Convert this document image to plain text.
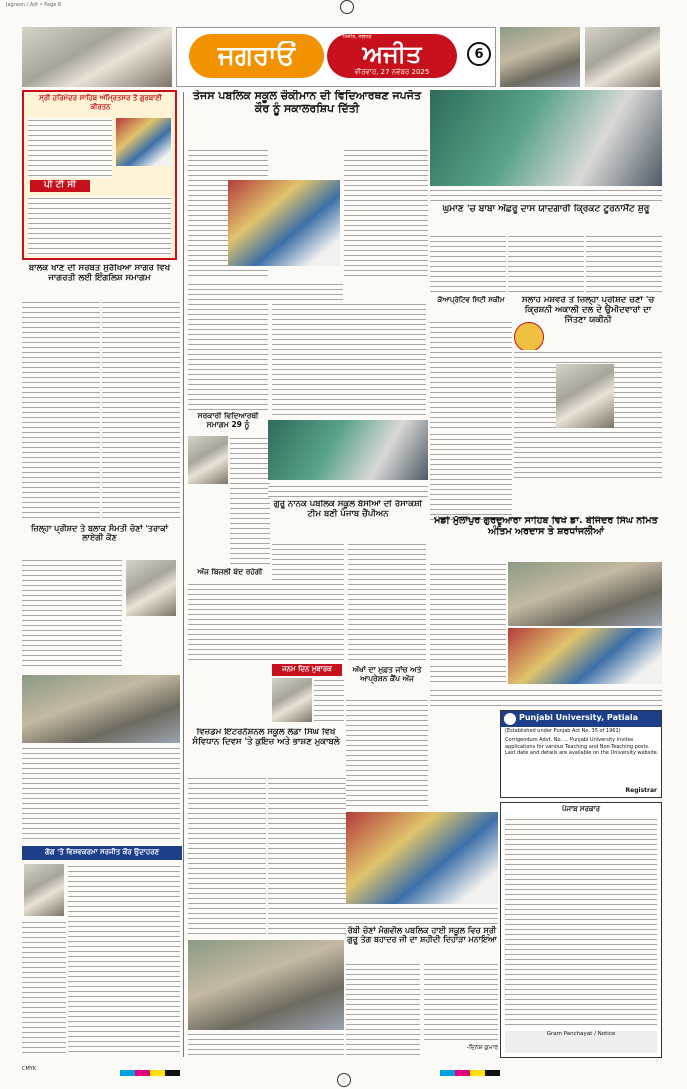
Jagraon / Ajit • Page 6
ਜਗਰਾਓਂ
ਅਜੀਤ, ਜਲੰਧਰ
ਅਜੀਤ
ਵੀਰਵਾਰ, 27 ਨਵੰਬਰ 2025
6
ਸ੍ਰੀ ਹਰਿਮੰਦਰ ਸਾਹਿਬ ਅੰਮ੍ਰਿਤਸਰ ਤੋਂ ਗੁਰਬਾਣੀ ਕੀਰਤਨ
ਪੀ ਟੀ ਸੀ
ਬਾਲਕ ਖਾਣ ਦੀ ਸਰਬਤ ਸੁਰੱਖਿਆ ਸਾਗਰ ਵਿਖੇ ਜਾਗਰਤੀ ਲਈ ਇੰਗਲਿਸ਼ ਸਮਾਗਮ
ਜ਼ਿਲ੍ਹਾ ਪ੍ਰੀਸ਼ਦ ਤੇ ਬਲਾਕ ਸੰਮਤੀ ਚੋਣਾਂ 'ਤਰਾਕਾਂ ਲਾਏਗੀ ਕੌਣ
ਗੋਗ 'ਤੇ ਵਿਸ਼ਵਕਰਮਾ ਸਰਜੀਤ ਕੌਰ ਉਦਾਹਰਣ
ਤੇਜਸ ਪਬਲਿਕ ਸਕੂਲ ਚੌਕੀਮਾਨ ਦੀ ਵਿਦਿਆਰਥਣ ਜਪਜੋਤ ਕੌਰ ਨੂੰ ਸਕਾਲਰਸ਼ਿਪ ਦਿੱਤੀ
ਸਰਕਾਰੀ ਵਿਦਿਆਰਥੀ ਸਮਾਗਮ 29 ਨੂੰ
ਗੁਰੂ ਨਾਨਕ ਪਬਲਿਕ ਸਕੂਲ ਬੱਸੀਆਂ ਦੀ ਰੱਸਾਕਸ਼ੀ ਟੀਮ ਬਣੀ ਪੰਜਾਬ ਚੈਂਪੀਅਨ
ਅੱਜ ਬਿਜਲੀ ਬੰਦ ਰਹੇਗੀ
ਜਨਮ ਦਿਨ ਮੁਬਾਰਕ	ਅੱਖਾਂ ਦਾ ਮੁਫ਼ਤ ਜਾਂਚ ਅਤੇ ਆਪ੍ਰੇਸ਼ਨ ਕੈਂਪ ਅੱਜ
ਵਿਜ਼ਡਮ ਇੰਟਰਨੈਸ਼ਨਲ ਸਕੂਲ ਲੰਡਾ ਸਿੰਘ ਵਿਖੇ ਸੰਵਿਧਾਨ ਦਿਵਸ 'ਤੇ ਕੁਇਜ਼ ਅਤੇ ਭਾਸ਼ਣ ਮੁਕਾਬਲੇ
ਰੱਬੀ ਚੋਣਾਂ ਮੰਗਵੀਲ ਪਬਲਿਕ ਹਾਈ ਸਕੂਲ ਵਿਚ ਸ੍ਰੀ ਗੁਰੂ ਤੇਗ ਬਹਾਦਰ ਜੀ ਦਾ ਸ਼ਹੀਦੀ ਦਿਹਾੜਾ ਮਨਾਇਆ
-ਦਿਨੇਸ਼ ਕੁਮਾਰ
ਘੁਮਾਣ 'ਚ ਬਾਬਾ ਅੱਛਰੂ ਦਾਸ ਯਾਦਗਾਰੀ ਕ੍ਰਿਕਟ ਟੂਰਨਾਮੈਂਟ ਸ਼ੁਰੂ
ਕੋਆਪ੍ਰੇਟਿਵ ਸਿਟੀ ਸਕੀਮ	ਸਲਾਹ ਮਸ਼ਵਰੇ ਤੋਂ ਜ਼ਿਲ੍ਹਾ ਪ੍ਰੀਸ਼ਦ ਚੋਣਾਂ 'ਚ ਕ੍ਰਿਸ਼ਨੀ ਅਕਾਲੀ ਦਲ ਦੇ ਉਮੀਦਵਾਰਾਂ ਦਾ ਜਿੱਤਣਾ ਯਕੀਨੀ
ਮੰਡੀ ਮੁੱਲਾਂਪੁਰ ਗੁਰਦੁਆਰਾ ਸਾਹਿਬ ਵਿਖੇ ਡਾ. ਬੇਜਿੰਦਰ ਸਿੰਘ ਨਮਿਤ ਅੰਤਿਮ ਅਰਦਾਸ ਤੇ ਸ਼ਰਧਾਂਜਲੀਆਂ
Punjabi University, Patiala
(Established under Punjab Act No. 35 of 1961)
Corrigendum Advt. No. ... Punjabi University invites applications for various Teaching and Non-Teaching posts. Last date and details are available on the University website.
Registrar
ਪੰਜਾਬ ਸਰਕਾਰ
Gram Panchayat / Notice
CMYK
